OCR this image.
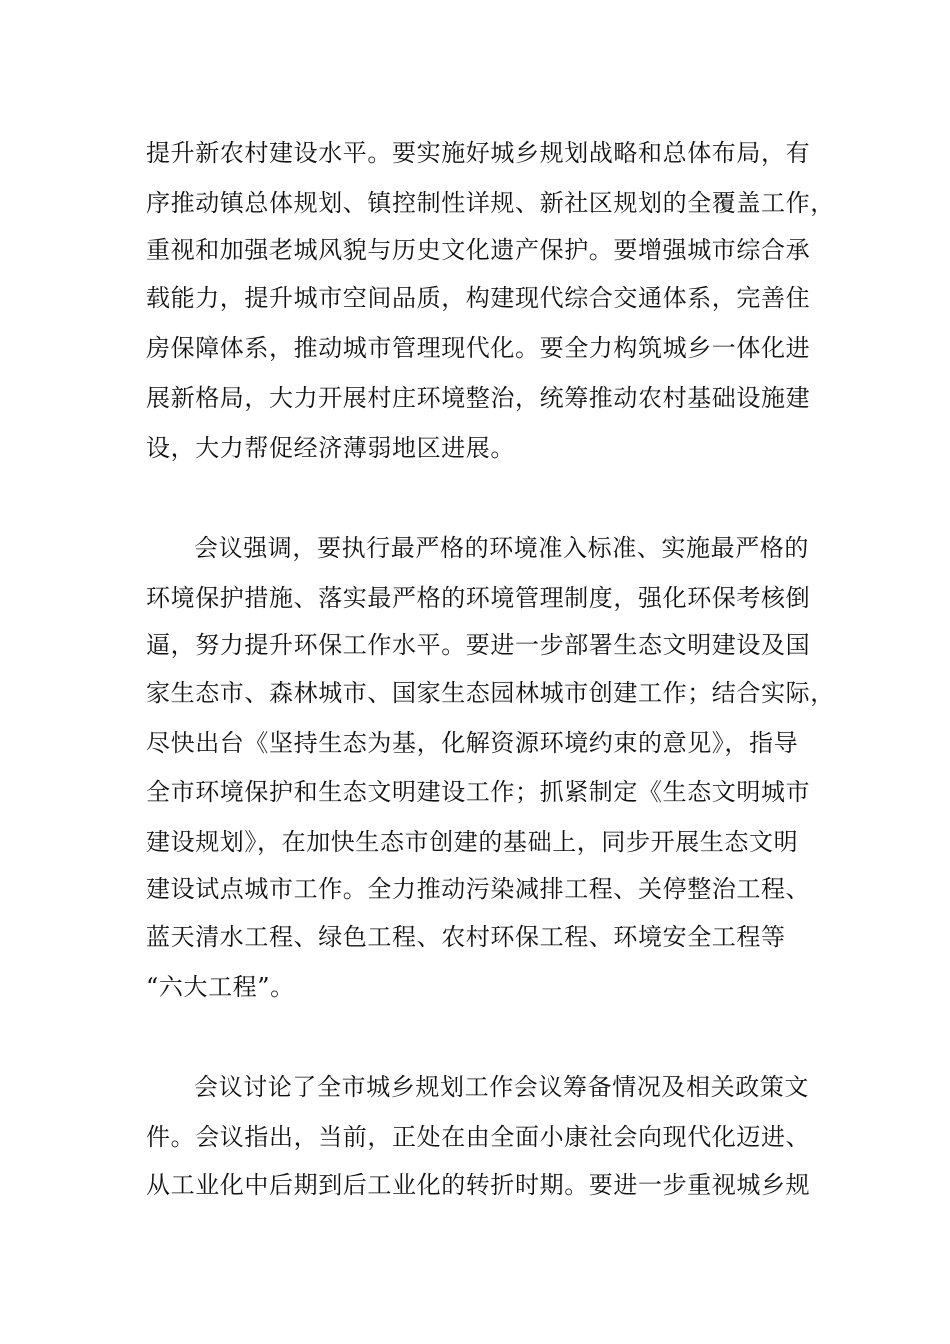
提升新农村建设水平。要实施好城乡规划战略和总体布局，有
序推动镇总体规划、镇控制性详规、新社区规划的全覆盖工作，
重视和加强老城风貌与历史文化遗产保护。要增强城市综合承
载能力，提升城市空间品质，构建现代综合交通体系，完善住
房保障体系，推动城市管理现代化。要全力构筑城乡一体化进
展新格局，大力开展村庄环境整治，统筹推动农村基础设施建
设，大力帮促经济薄弱地区进展。
会议强调，要执行最严格的环境准入标准、实施最严格的
环境保护措施、落实最严格的环境管理制度，强化环保考核倒
逼，努力提升环保工作水平。要进一步部署生态文明建设及国
家生态市、森林城市、国家生态园林城市创建工作；结合实际，
尽快出台《坚持生态为基，化解资源环境约束的意见》，指导
全市环境保护和生态文明建设工作；抓紧制定《生态文明城市
建设规划》，在加快生态市创建的基础上，同步开展生态文明
建设试点城市工作。全力推动污染减排工程、关停整治工程、
蓝天清水工程、绿色工程、农村环保工程、环境安全工程等
“六大工程”。
会议讨论了全市城乡规划工作会议筹备情况及相关政策文
件。会议指出，当前，正处在由全面小康社会向现代化迈进、
从工业化中后期到后工业化的转折时期。要进一步重视城乡规
